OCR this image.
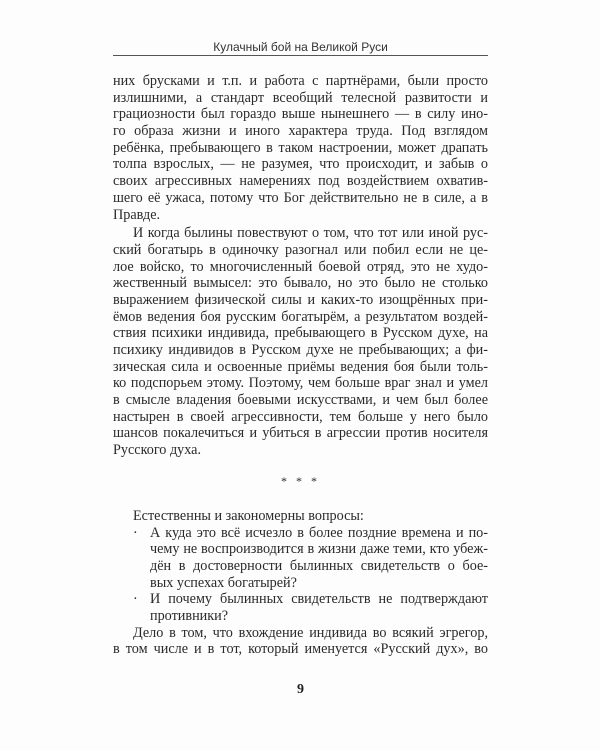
Кулачный бой на Великой Руси
них брусками и т.п. и работа с партнёрами, были просто
излишними, а стандарт всеобщий телесной развитости и
грациозности был гораздо выше нынешнего — в силу ино-
го образа жизни и иного характера труда. Под взглядом
ребёнка, пребывающего в таком настроении, может драпать
толпа взрослых, — не разумея, что происходит, и забыв о
своих агрессивных намерениях под воздействием охватив-
шего её ужаса, потому что Бог действительно не в силе, а в
Правде.
И когда былины повествуют о том, что тот или иной рус-
ский богатырь в одиночку разогнал или побил если не це-
лое войско, то многочисленный боевой отряд, это не худо-
жественный вымысел: это бывало, но это было не столько
выражением физической силы и каких-то изощрённых при-
ёмов ведения боя русским богатырём, а результатом воздей-
ствия психики индивида, пребывающего в Русском духе, на
психику индивидов в Русском духе не пребывающих; а фи-
зическая сила и освоенные приёмы ведения боя были толь-
ко подспорьем этому. Поэтому, чем больше враг знал и умел
в смысле владения боевыми искусствами, и чем был более
настырен в своей агрессивности, тем больше у него было
шансов покалечиться и убиться в агрессии против носителя
Русского духа.
* * *
Естественны и закономерны вопросы:
· А куда это всё исчезло в более поздние времена и по-
чему не воспроизводится в жизни даже теми, кто убеж-
дён в достоверности былинных свидетельств о бое-
вых успехах богатырей?
· И почему былинных свидетельств не подтверждают
противники?
Дело в том, что вхождение индивида во всякий эгрегор,
в том числе и в тот, который именуется «Русский дух», во
9
